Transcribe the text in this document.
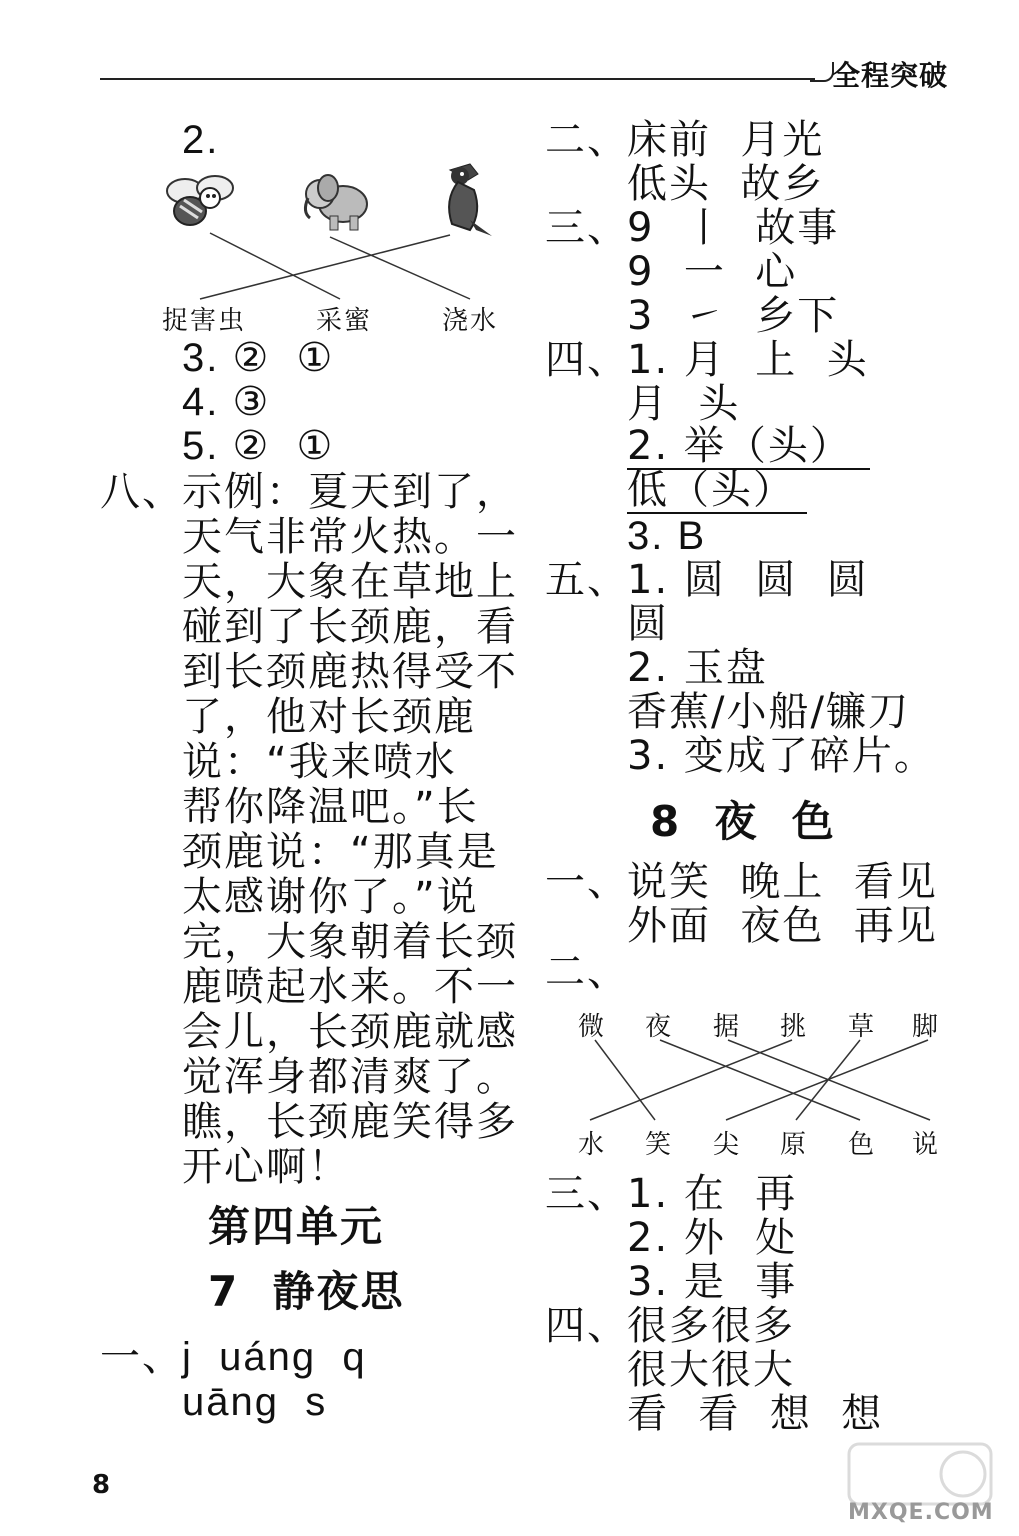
全程突破
2.
捉害虫	采蜜	浇水
3. ②  ①
4. ③
5. ②  ①
八、
示例：夏天到了，
天气非常火热。一
天，大象在草地上
碰到了长颈鹿，看
到长颈鹿热得受不
了，他对长颈鹿
说：“我来喷水
帮你降温吧。”长
颈鹿说：“那真是
太感谢你了。”说
完，大象朝着长颈
鹿喷起水来。不一
会儿，长颈鹿就感
觉浑身都清爽了。
瞧，长颈鹿笑得多
开心啊！
第四单元
7  静夜思
一、
j  uáng  q
uāng  s
二、
床前  月光
低头  故乡
三、
9  丨  故事
9  一  心
3  ㇀  乡下
四、
1. 月  上  头
月  头
2. 举（头）
低（头）
3. B
五、
1. 圆  圆  圆
圆
2. 玉盘
香蕉/小船/镰刀
3. 变成了碎片。
8  夜  色
一、
说笑  晚上  看见
外面  夜色  再见
二、
微 夜 据 挑 草 脚
水 笑 尖 原 色 说
三、
1. 在  再
2. 外  处
3. 是  事
四、
很多很多
很大很大
看  看  想  想
MXQE.COM
8
